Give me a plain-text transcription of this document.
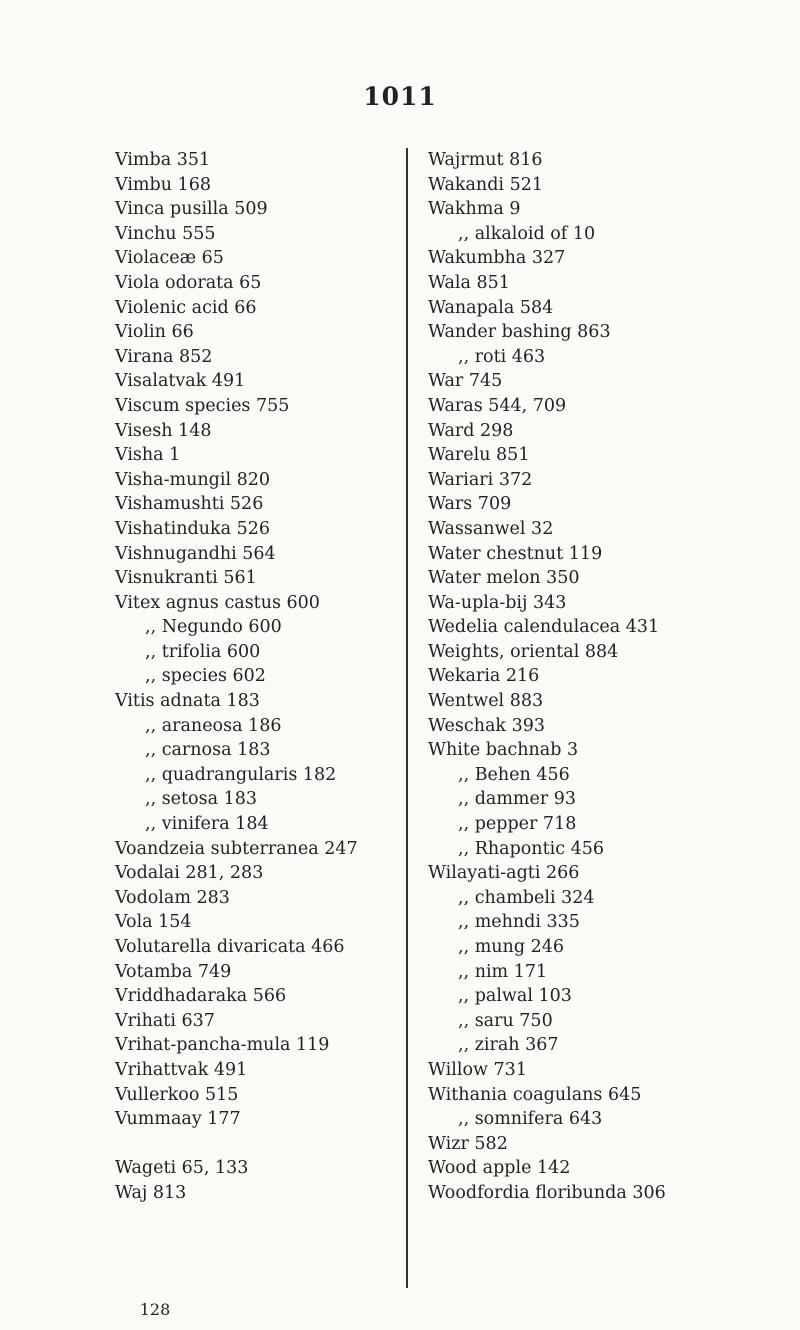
1011
Vimba 351
Vimbu 168
Vinca pusilla 509
Vinchu 555
Violaceæ 65
Viola odorata 65
Violenic acid 66
Violin 66
Virana 852
Visalatvak 491
Viscum species 755
Visesh 148
Visha 1
Visha-mungil 820
Vishamushti 526
Vishatinduka 526
Vishnugandhi 564
Visnukranti 561
Vitex agnus castus 600
,, Negundo 600
,, trifolia 600
,, species 602
Vitis adnata 183
,, araneosa 186
,, carnosa 183
,, quadrangularis 182
,, setosa 183
,, vinifera 184
Voandzeia subterranea 247
Vodalai 281, 283
Vodolam 283
Vola 154
Volutarella divaricata 466
Votamba 749
Vriddhadaraka 566
Vrihati 637
Vrihat-pancha-mula 119
Vrihattvak 491
Vullerkoo 515
Vummaay 177
Wageti 65, 133
Waj 813
Wajrmut 816
Wakandi 521
Wakhma 9
,, alkaloid of 10
Wakumbha 327
Wala 851
Wanapala 584
Wander bashing 863
,, roti 463
War 745
Waras 544, 709
Ward 298
Warelu 851
Wariari 372
Wars 709
Wassanwel 32
Water chestnut 119
Water melon 350
Wa-upla-bij 343
Wedelia calendulacea 431
Weights, oriental 884
Wekaria 216
Wentwel 883
Weschak 393
White bachnab 3
,, Behen 456
,, dammer 93
,, pepper 718
,, Rhapontic 456
Wilayati-agti 266
,, chambeli 324
,, mehndi 335
,, mung 246
,, nim 171
,, palwal 103
,, saru 750
,, zirah 367
Willow 731
Withania coagulans 645
,, somnifera 643
Wizr 582
Wood apple 142
Woodfordia floribunda 306
128
